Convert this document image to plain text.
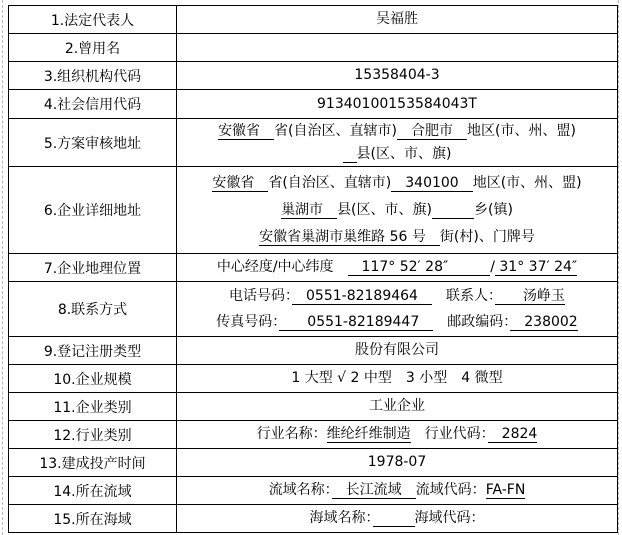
1.法定代表人	吴福胜

2.曾用名	

3.组织机构代码	15358404-3

4.社会信用代码	91340100153584043T

5.方案审核地址	安徽省　省(自治区、直辖市)　合肥市　地区(市、州、盟)
　县(区、市、旗)

6.企业详细地址	安徽省　省(自治区、直辖市)　340100　地区(市、州、盟)
巢湖市　县(区、市、旗)　　　 乡(镇)
安徽省巢湖市巢维路 56 号　街(村)、门牌号

7.企业地理位置	中心经度/中心纬度　　117° 52′ 28″　　　/ 31° 37′ 24″

8.联系方式	电话号码：　0551-82189464　　联系人：　　汤峥玉
传真号码：　　0551-82189447　　邮政编码：　238002

9.登记注册类型	股份有限公司

10.企业规模	1 大型 √ 2 中型　3 小型　4 微型

11.企业类别	工业企业

12.行业类别	行业名称：维纶纤维制造　行业代码：　2824

13.建成投产时间	1978-07

14.所在流域	流域名称：　长江流域　流域代码：FA-FN

15.所在海域	海域名称：　　　 海域代码：
